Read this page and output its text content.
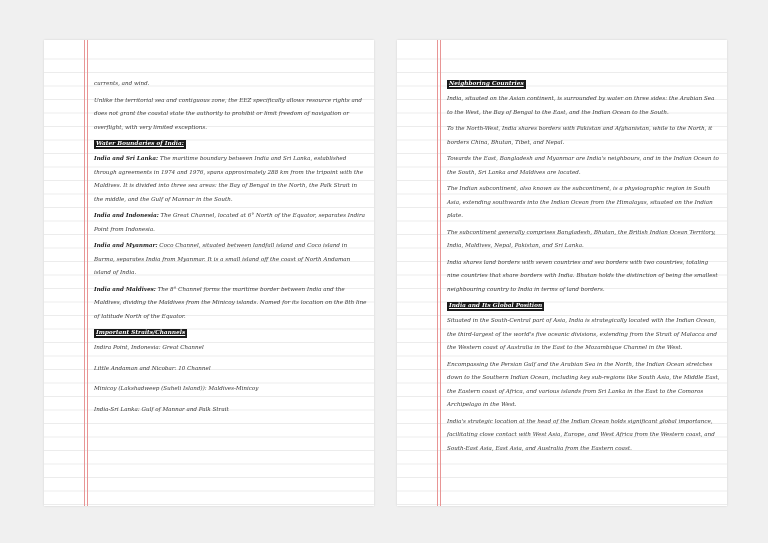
currents, and wind.

Unlike the territorial sea and contiguous zone, the EEZ specifically allows resource rights and does not grant the coastal state the authority to prohibit or limit freedom of navigation or overflight, with very limited exceptions.

Water Boundaries of India:

India and Sri Lanka: The maritime boundary between India and Sri Lanka, established through agreements in 1974 and 1976, spans approximately 288 km from the tripoint with the Maldives. It is divided into three sea areas: the Bay of Bengal in the North, the Palk Strait in the middle, and the Gulf of Mannar in the South.

India and Indonesia: The Great Channel, located at 6° North of the Equator, separates Indira Point from Indonesia.

India and Myanmar: Coco Channel, situated between landfall island and Coco island in Burma, separates India from Myanmar. It is a small island off the coast of North Andaman island of India.

India and Maldives: The 8° Channel forms the maritime border between India and the Maldives, dividing the Maldives from the Minicoy islands. Named for its location on the 8th line of latitude North of the Equator.

Important Straits/Channels

Indira Point, Indonesia: Great Channel

Little Andaman and Nicobar: 10 Channel

Minicoy (Lakshadweep (Suheli Island)): Maldives-Minicoy

India-Sri Lanka: Gulf of Mannar and Palk Strait

Neighboring Countries

India, situated on the Asian continent, is surrounded by water on three sides: the Arabian Sea to the West, the Bay of Bengal to the East, and the Indian Ocean to the South.

To the North-West, India shares borders with Pakistan and Afghanistan, while to the North, it borders China, Bhutan, Tibet, and Nepal.

Towards the East, Bangladesh and Myanmar are India's neighbours, and in the Indian Ocean to the South, Sri Lanka and Maldives are located.

The Indian subcontinent, also known as the subcontinent, is a physiographic region in South Asia, extending southwards into the Indian Ocean from the Himalayas, situated on the Indian plate.

The subcontinent generally comprises Bangladesh, Bhutan, the British Indian Ocean Territory, India, Maldives, Nepal, Pakistan, and Sri Lanka.

India shares land borders with seven countries and sea borders with two countries, totaling nine countries that share borders with India. Bhutan holds the distinction of being the smallest neighbouring country to India in terms of land borders.

India and Its Global Position

Situated in the South-Central part of Asia, India is strategically located with the Indian Ocean, the third-largest of the world's five oceanic divisions, extending from the Strait of Malacca and the Western coast of Australia in the East to the Mozambique Channel in the West.

Encompassing the Persian Gulf and the Arabian Sea in the North, the Indian Ocean stretches down to the Southern Indian Ocean, including key sub-regions like South Asia, the Middle East, the Eastern coast of Africa, and various islands from Sri Lanka in the East to the Comoros Archipelago in the West.

India's strategic location at the head of the Indian Ocean holds significant global importance, facilitating close contact with West Asia, Europe, and West Africa from the Western coast, and South-East Asia, East Asia, and Australia from the Eastern coast.
